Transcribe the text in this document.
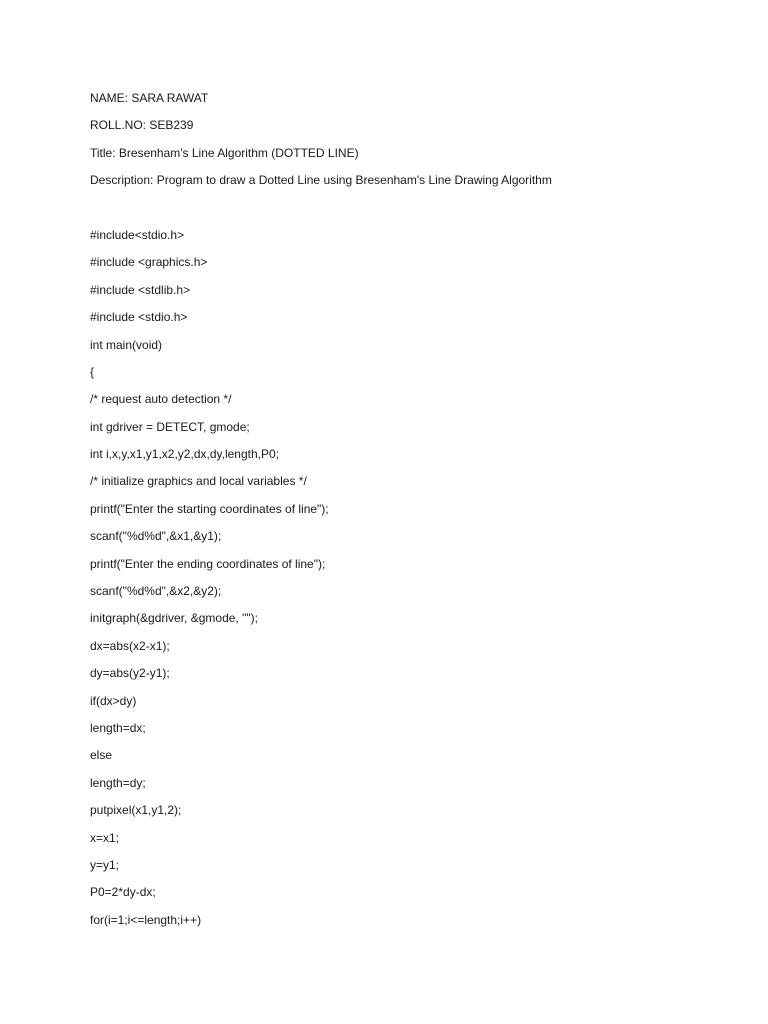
NAME: SARA RAWAT
ROLL.NO: SEB239
Title: Bresenham's Line Algorithm (DOTTED LINE)
Description: Program to draw a Dotted Line using Bresenham's Line Drawing Algorithm
#include<stdio.h>
#include <graphics.h>
#include <stdlib.h>
#include <stdio.h>
int main(void)
{
/* request auto detection */
int gdriver = DETECT, gmode;
int i,x,y,x1,y1,x2,y2,dx,dy,length,P0;
/* initialize graphics and local variables */
printf("Enter the starting coordinates of line");
scanf("%d%d",&x1,&y1);
printf("Enter the ending coordinates of line");
scanf("%d%d",&x2,&y2);
initgraph(&gdriver, &gmode, "");
dx=abs(x2-x1);
dy=abs(y2-y1);
if(dx>dy)
length=dx;
else
length=dy;
putpixel(x1,y1,2);
x=x1;
y=y1;
P0=2*dy-dx;
for(i=1;i<=length;i++)
